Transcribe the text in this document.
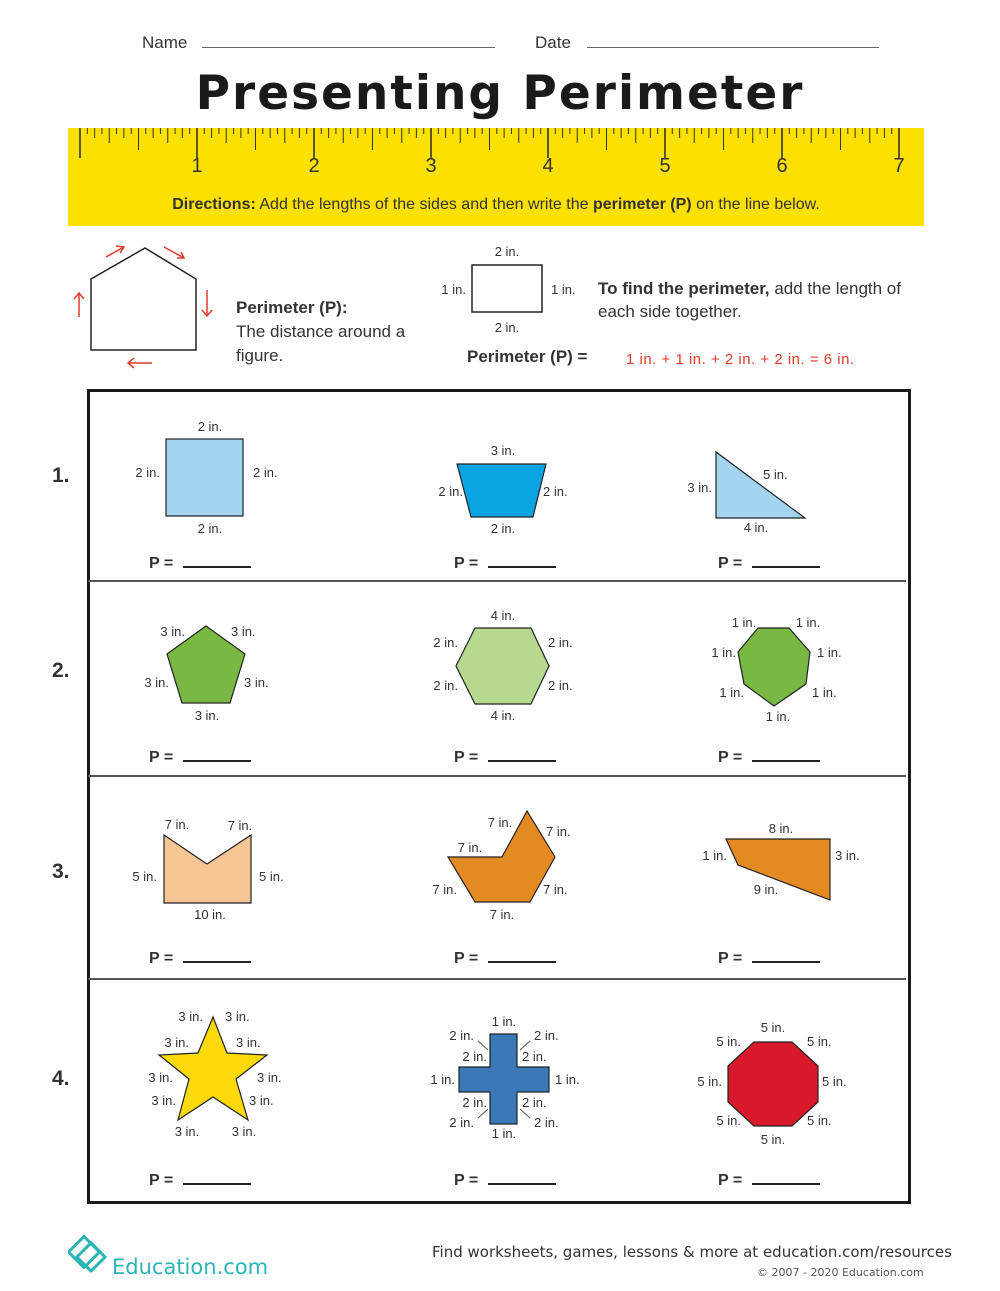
Name	Date
Presenting Perimeter
1	2	3	4	5	6	7
Directions: Add the lengths of the sides and then write the perimeter (P) on the line below.
Perimeter (P):
The distance around a figure.
2 in.
2 in.
1 in.	1 in. To find the perimeter, add the length of each side together.
Perimeter (P) =	1 in. + 1 in. + 2 in. + 2 in. = 6 in.
1.
2.
3.
4.
2 in.
2 in.	2 in.
2 in.
3 in.
2 in.	2 in.
2 in.
5 in.
3 in.
4 in.
3 in.	3 in.
3 in.	3 in.
3 in.
4 in.
2 in.	2 in.
2 in.	2 in.
4 in.
1 in.	1 in.
1 in.	1 in.
1 in.	1 in.
1 in.
7 in.	7 in.
5 in.	5 in.
10 in.
7 in.
7 in.
7 in.
7 in.	7 in.
7 in.
8 in.
1 in.	3 in.
9 in.
3 in. 3 in.
3 in.	3 in.
3 in.	3 in.
3 in.	3 in.
3 in. 3 in.
1 in.
2 in.	2 in.
2 in.	2 in.
1 in.	1 in.
2 in.	2 in.
2 in.	2 in.
1 in.
5 in.
5 in.	5 in.
5 in.	5 in.
5 in.	5 in.
5 in.
P =	P =	P =
P =	P =	P =
P =	P =	P =
P =	P =	P =
Education.com
Find worksheets, games, lessons & more at education.com/resources
© 2007 - 2020 Education.com
